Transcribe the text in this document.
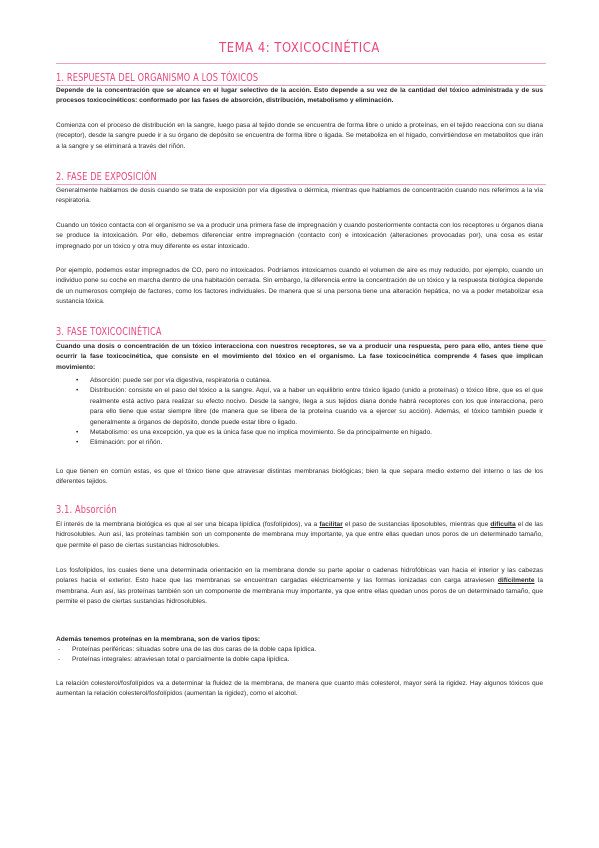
TEMA 4: TOXICOCINÉTICA
1. RESPUESTA DEL ORGANISMO A LOS TÓXICOS
Depende de la concentración que se alcance en el lugar selectivo de la acción. Esto depende a su vez de la cantidad del tóxico administrada y de sus procesos toxicocinéticos: conformado por las fases de absorción, distribución, metabolismo y eliminación.
Comienza con el proceso de distribución en la sangre, luego pasa al tejido donde se encuentra de forma libre o unido a proteínas, en el tejido reacciona con su diana (receptor), desde la sangre puede ir a su órgano de depósito se encuentra de forma libre o ligada. Se metaboliza en el hígado, convirtiéndose en metabolitos que irán a la sangre y se eliminará a través del riñón.
2. FASE DE EXPOSICIÓN
Generalmente hablamos de dosis cuando se trata de exposición por vía digestiva o dérmica, mientras que hablamos de concentración cuando nos referimos a la vía respiratoria.
Cuando un tóxico contacta con el organismo se va a producir una primera fase de impregnación y cuando posteriormente contacta con los receptores u órganos diana se produce la intoxicación. Por ello, debemos diferenciar entre impregnación (contacto con) e intoxicación (alteraciones provocadas por), una cosa es estar impregnado por un tóxico y otra muy diferente es estar intoxicado.
Por ejemplo, podemos estar impregnados de CO, pero no intoxicados. Podríamos intoxicarnos cuando el volumen de aire es muy reducido, por ejemplo, cuando un individuo pone su coche en marcha dentro de una habitación cerrada. Sin embargo, la diferencia entre la concentración de un tóxico y la respuesta biológica depende de un numerosos complejo de factores, como los factores individuales. De manera que si una persona tiene una alteración hepática, no va a poder metabolizar esa sustancia tóxica.
3. FASE TOXICOCINÉTICA
Cuando una dosis o concentración de un tóxico interacciona con nuestros receptores, se va a producir una respuesta, pero para ello, antes tiene que ocurrir la fase toxicocinética, que consiste en el movimiento del tóxico en el organismo. La fase toxicocinética comprende 4 fases que implican movimiento:
• Absorción: puede ser por vía digestiva, respiratoria o cutánea.
• Distribución: consiste en el paso del tóxico a la sangre. Aquí, va a haber un equilibrio entre tóxico ligado (unido a proteínas) o tóxico libre, que es el que realmente está activo para realizar su efecto nocivo. Desde la sangre, llega a sus tejidos diana donde habrá receptores con los que interacciona, pero para ello tiene que estar siempre libre (de manera que se libera de la proteína cuando va a ejercer su acción). Además, el tóxico también puede ir generalmente a órganos de depósito, donde puede estar libre o ligado.
• Metabolismo: es una excepción, ya que es la única fase que no implica movimiento. Se da principalmente en hígado.
• Eliminación: por el riñón.
Lo que tienen en común estas, es que el tóxico tiene que atravesar distintas membranas biológicas; bien la que separa medio externo del interno o las de los diferentes tejidos.
3.1. Absorción
El interés de la membrana biológica es que al ser una bicapa lipídica (fosfolípidos), va a facilitar el paso de sustancias liposolubles, mientras que dificulta el de las hidrosolubles. Aun así, las proteínas también son un componente de membrana muy importante, ya que entre ellas quedan unos poros de un determinado tamaño, que permite el paso de ciertas sustancias hidrosolubles.
Los fosfolípidos, los cuales tiene una determinada orientación en la membrana donde su parte apolar o cadenas hidrofóbicas van hacia el interior y las cabezas polares hacia el exterior. Esto hace que las membranas se encuentran cargadas eléctricamente y las formas ionizadas con carga atraviesen difícilmente la membrana. Aun así, las proteínas también son un componente de membrana muy importante, ya que entre ellas quedan unos poros de un determinado tamaño, que permite el paso de ciertas sustancias hidrosolubles.
Además tenemos proteínas en la membrana, son de varios tipos:
- Proteínas periféricas: situadas sobre una de las dos caras de la doble capa lipídica.
- Proteínas integrales: atraviesan total o parcialmente la doble capa lipídica.
La relación colesterol/fosfolípidos va a determinar la fluidez de la membrana, de manera que cuanto más colesterol, mayor será la rigidez. Hay algunos tóxicos que aumentan la relación colesterol/fosfolípidos (aumentan la rigidez), como el alcohol.
